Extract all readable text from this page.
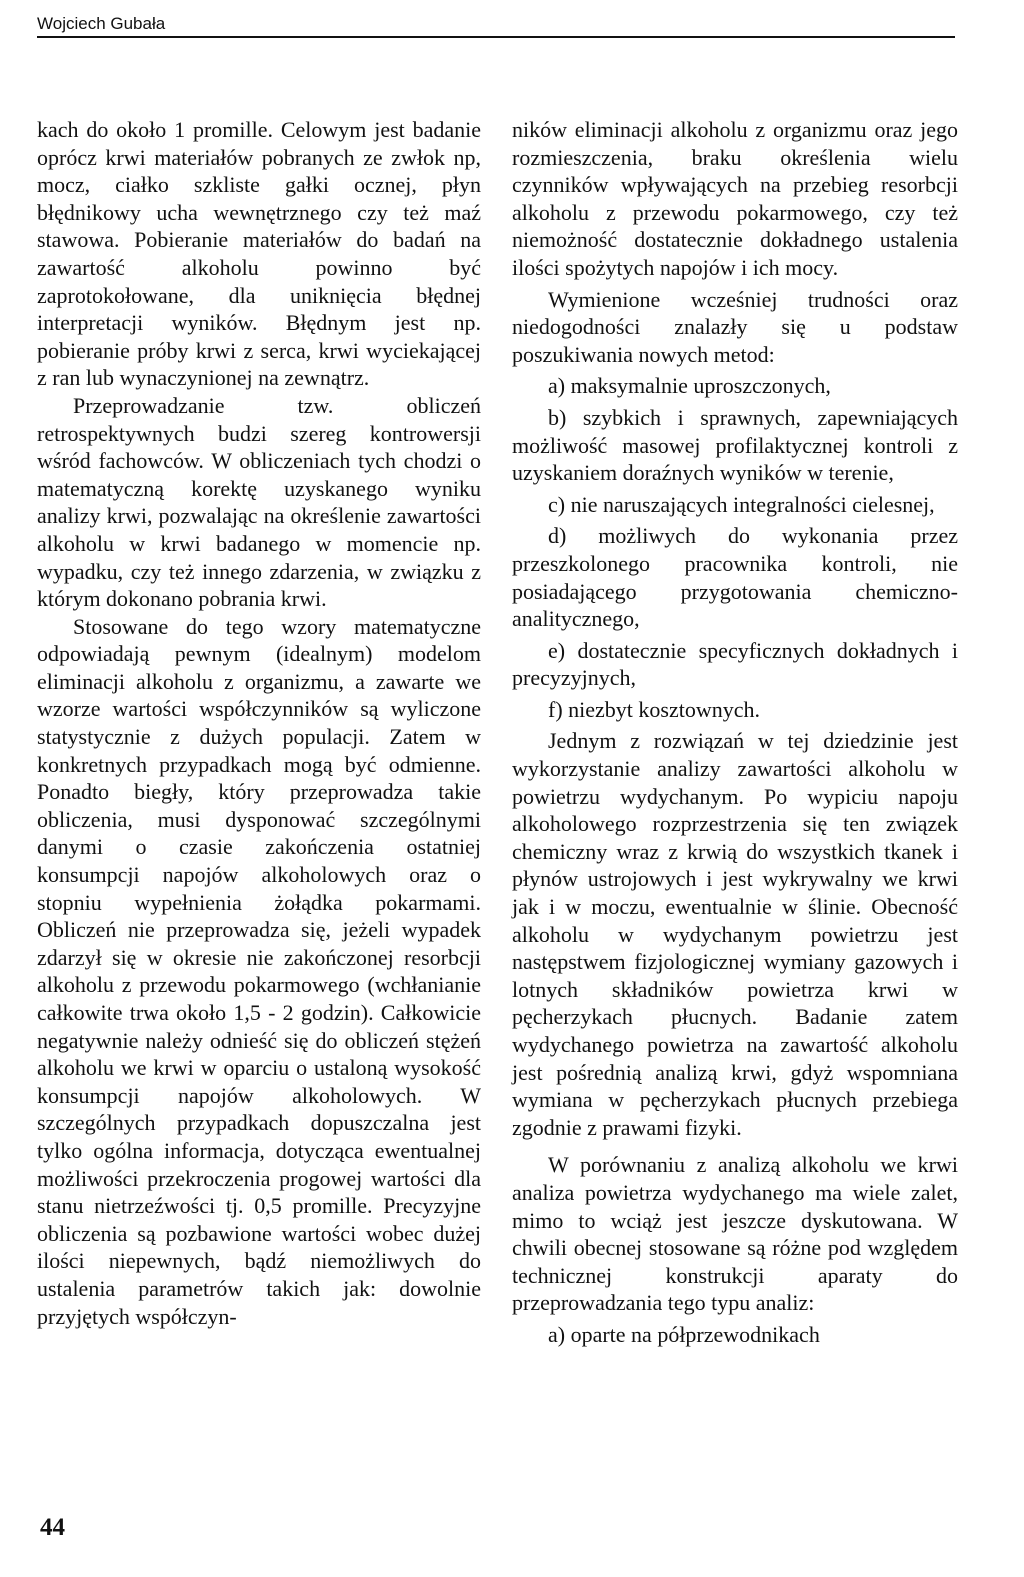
Wojciech Gubała

kach do około 1 promille. Celowym jest badanie oprócz krwi materiałów pobranych ze zwłok np, mocz, ciałko szkliste gałki ocznej, płyn błędnikowy ucha wewnętrznego czy też maź stawowa. Pobieranie materiałów do badań na zawartość alkoholu powinno być zaprotokołowane, dla uniknięcia błędnej interpretacji wyników. Błędnym jest np. pobieranie próby krwi z serca, krwi wyciekającej z ran lub wynaczynionej na zewnątrz.

Przeprowadzanie tzw. obliczeń retrospektywnych budzi szereg kontrowersji wśród fachowców. W obliczeniach tych chodzi o matematyczną korektę uzyskanego wyniku analizy krwi, pozwalając na określenie zawartości alkoholu w krwi badanego w momencie np. wypadku, czy też innego zdarzenia, w związku z którym dokonano pobrania krwi.

Stosowane do tego wzory matematyczne odpowiadają pewnym (idealnym) modelom eliminacji alkoholu z organizmu, a zawarte we wzorze wartości współczynników są wyliczone statystycznie z dużych populacji. Zatem w konkretnych przypadkach mogą być odmienne. Ponadto biegły, który przeprowadza takie obliczenia, musi dysponować szczególnymi danymi o czasie zakończenia ostatniej konsumpcji napojów alkoholowych oraz o stopniu wypełnienia żołądka pokarmami. Obliczeń nie przeprowadza się, jeżeli wypadek zdarzył się w okresie nie zakończonej resorbcji alkoholu z przewodu pokarmowego (wchłanianie całkowite trwa około 1,5 - 2 godzin). Całkowicie negatywnie należy odnieść się do obliczeń stężeń alkoholu we krwi w oparciu o ustaloną wysokość konsumpcji napojów alkoholowych. W szczególnych przypadkach dopuszczalna jest tylko ogólna informacja, dotycząca ewentualnej możliwości przekroczenia progowej wartości dla stanu nietrzeźwości tj. 0,5 promille. Precyzyjne obliczenia są pozbawione wartości wobec dużej ilości niepewnych, bądź niemożliwych do ustalenia parametrów takich jak: dowolnie przyjętych współczyn-

ników eliminacji alkoholu z organizmu oraz jego rozmieszczenia, braku określenia wielu czynników wpływających na przebieg resorbcji alkoholu z przewodu pokarmowego, czy też niemożność dostatecznie dokładnego ustalenia ilości spożytych napojów i ich mocy.

Wymienione wcześniej trudności oraz niedogodności znalazły się u podstaw poszukiwania nowych metod:

a) maksymalnie uproszczonych,

b) szybkich i sprawnych, zapewniających możliwość masowej profilaktycznej kontroli z uzyskaniem doraźnych wyników w terenie,

c) nie naruszających integralności cielesnej,

d) możliwych do wykonania przez przeszkolonego pracownika kontroli, nie posiadającego przygotowania chemiczno-analitycznego,

e) dostatecznie specyficznych dokładnych i precyzyjnych,

f) niezbyt kosztownych.

Jednym z rozwiązań w tej dziedzinie jest wykorzystanie analizy zawartości alkoholu w powietrzu wydychanym. Po wypiciu napoju alkoholowego rozprzestrzenia się ten związek chemiczny wraz z krwią do wszystkich tkanek i płynów ustrojowych i jest wykrywalny we krwi jak i w moczu, ewentualnie w ślinie. Obecność alkoholu w wydychanym powietrzu jest następstwem fizjologicznej wymiany gazowych i lotnych składników powietrza krwi w pęcherzykach płucnych. Badanie zatem wydychanego powietrza na zawartość alkoholu jest pośrednią analizą krwi, gdyż wspomniana wymiana w pęcherzykach płucnych przebiega zgodnie z prawami fizyki.

W porównaniu z analizą alkoholu we krwi analiza powietrza wydychanego ma wiele zalet, mimo to wciąż jest jeszcze dyskutowana. W chwili obecnej stosowane są różne pod względem technicznej konstrukcji aparaty do przeprowadzania tego typu analiz:

a) oparte na półprzewodnikach

44
